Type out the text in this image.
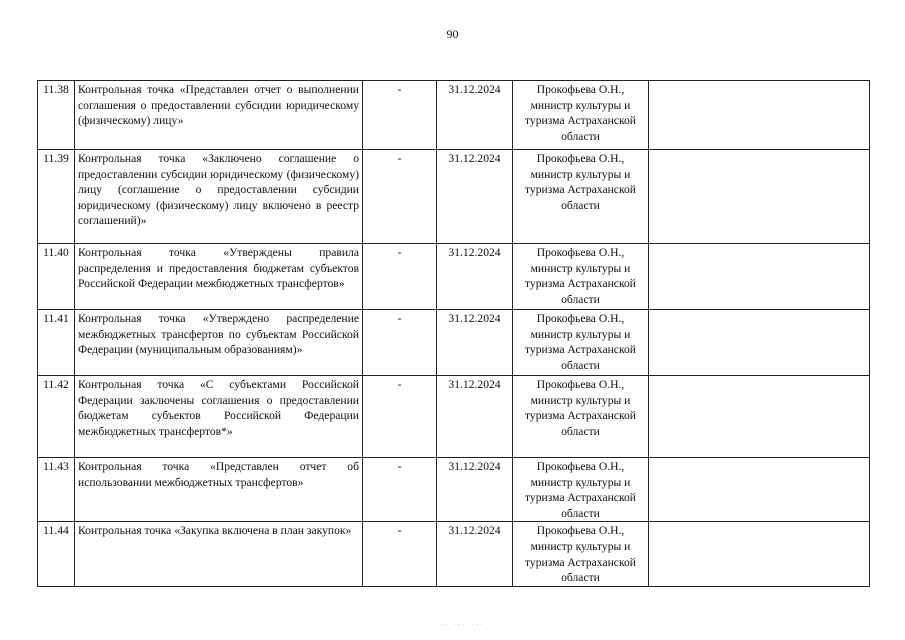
90
11.38	Контрольная точка «Представлен отчет о выполнении соглашения о предоставлении субсидии юридическому (физическому) лицу»	-	31.12.2024	Прокофьева О.Н., министр культуры и туризма Астраханской области	
11.39	Контрольная точка «Заключено соглашение о предоставлении субсидии юридическому (физическому) лицу (соглашение о предоставлении субсидии юридическому (физическому) лицу включено в реестр соглашений)»	-	31.12.2024	Прокофьева О.Н., министр культуры и туризма Астраханской области	
11.40	Контрольная точка «Утверждены правила распределения и предоставления бюджетам субъектов Российской Федерации межбюджетных трансфертов»	-	31.12.2024	Прокофьева О.Н., министр культуры и туризма Астраханской области	
11.41	Контрольная точка «Утверждено распределение межбюджетных трансфертов по субъектам Российской Федерации (муниципальным образованиям)»	-	31.12.2024	Прокофьева О.Н., министр культуры и туризма Астраханской области	
11.42	Контрольная точка «С субъектами Российской Федерации заключены соглашения о предоставлении бюджетам субъектов Российской Федерации межбюджетных трансфертов*»	-	31.12.2024	Прокофьева О.Н., министр культуры и туризма Астраханской области	
11.43	Контрольная точка «Представлен отчет об использовании межбюджетных трансфертов»	-	31.12.2024	Прокофьева О.Н., министр культуры и туризма Астраханской области	
11.44	Контрольная точка «Закупка включена в план закупок»	-	31.12.2024	Прокофьева О.Н., министр культуры и туризма Астраханской области	
· · ··· ·······
